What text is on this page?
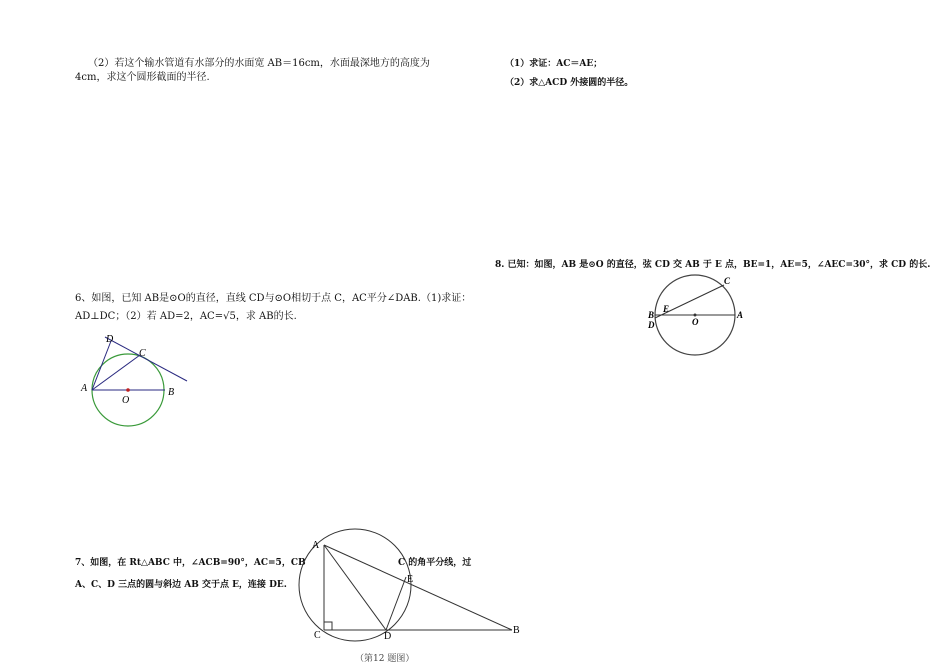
（2）若这个输水管道有水部分的水面宽 AB＝16cm，水面最深地方的高度为
4cm，求这个圆形截面的半径.
（1）求证：AC＝AE；
（2）求△ACD 外接圆的半径。
8. 已知：如图，AB 是⊙O 的直径，弦 CD 交 AB 于 E 点，BE=1，AE=5，∠AEC=30°，求 CD 的长.
C
E
B
D	O
A
6、如图，已知 AB是⊙O的直径，直线 CD与⊙O相切于点 C，AC平分∠DAB.（1)求证：
AD⊥DC；（2）若 AD=2，AC=√5，求 AB的长.
D
C
A	B
O
7、如图，在 Rt△ABC 中，∠ACB=90°，AC=5，CB	C 的角平分线，过
A、C、D 三点的圆与斜边 AB 交于点 E，连接 DE.
A
E
C	D
B
（第12 题图）
